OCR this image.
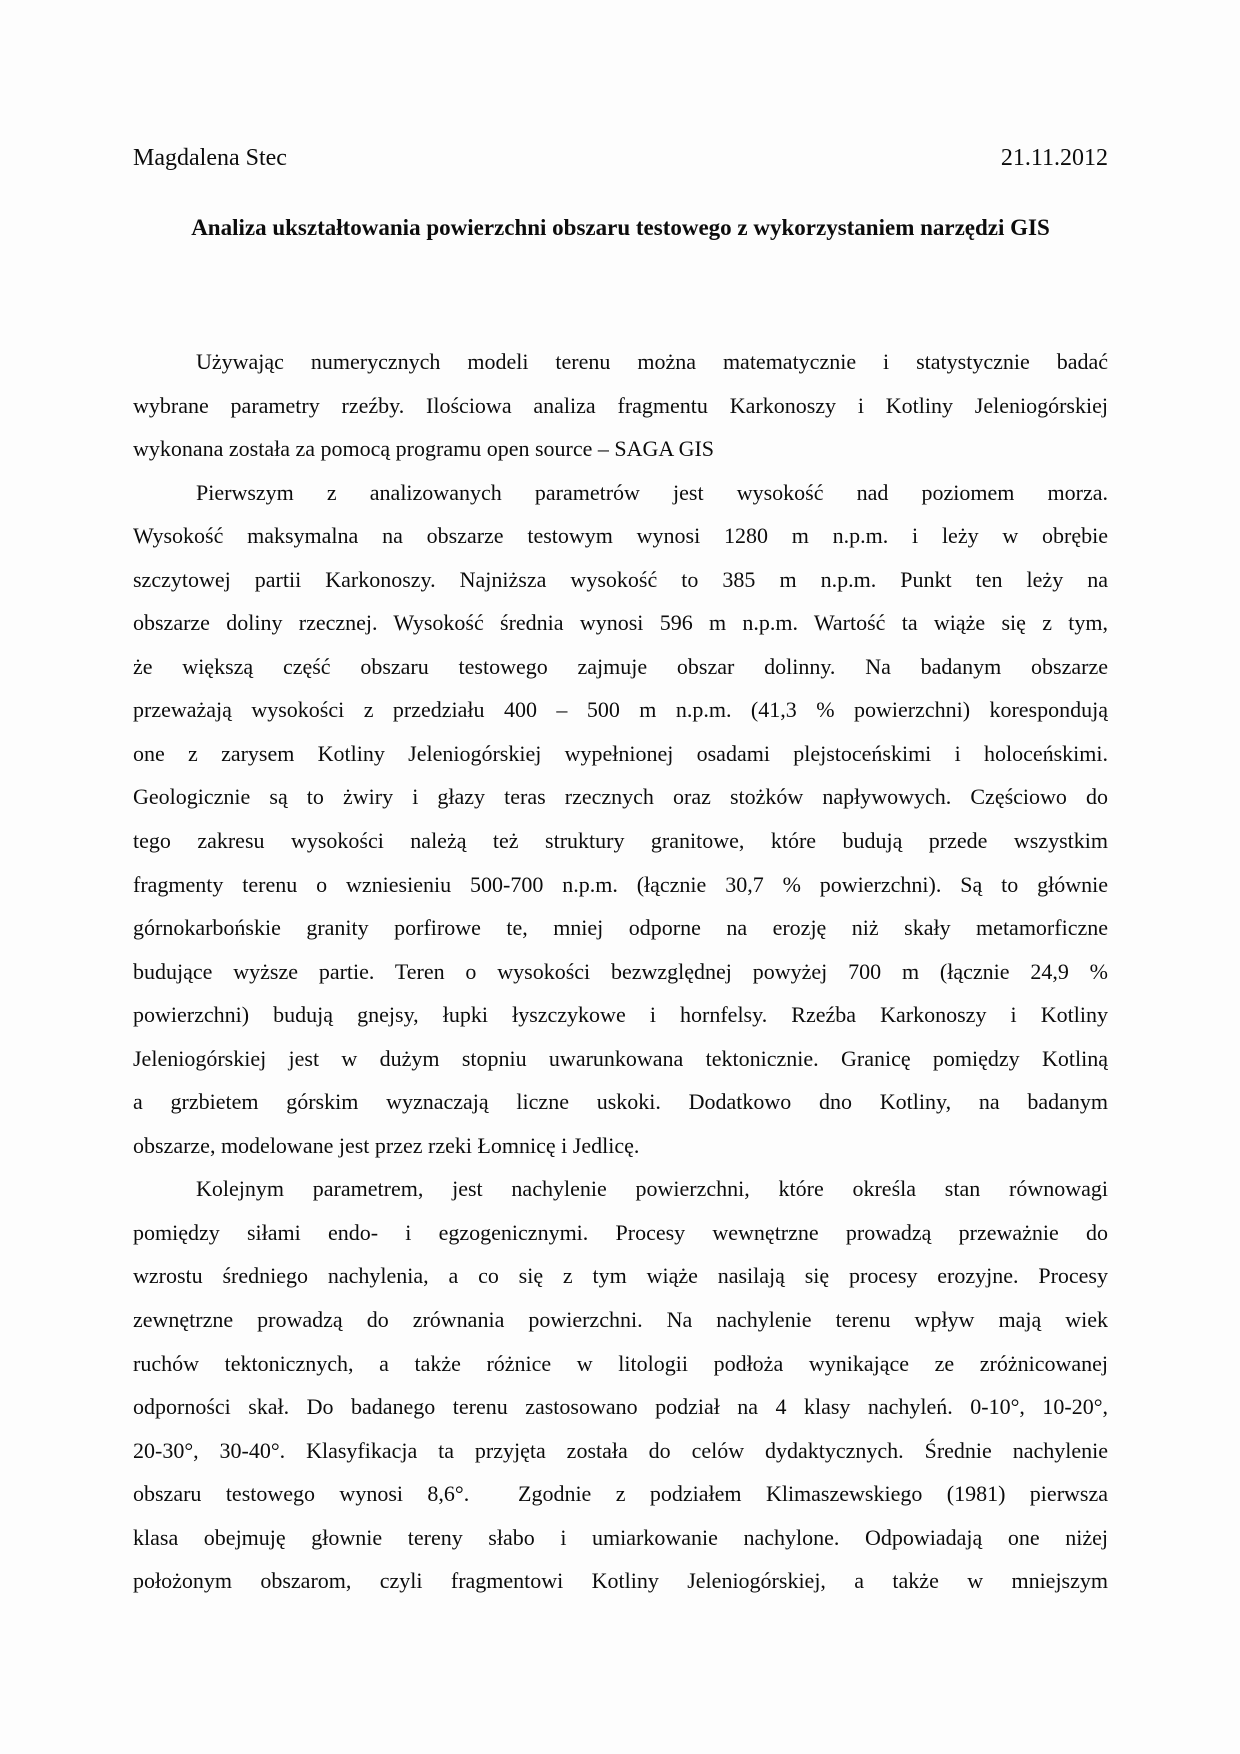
Magdalena Stec	21.11.2012
Analiza ukształtowania powierzchni obszaru testowego z wykorzystaniem narzędzi GIS
Używając numerycznych modeli terenu można matematycznie i statystycznie badać
wybrane parametry rzeźby. Ilościowa analiza fragmentu Karkonoszy i Kotliny Jeleniogórskiej
wykonana została za pomocą programu open source – SAGA GIS
Pierwszym z analizowanych parametrów jest wysokość nad poziomem morza.
Wysokość maksymalna na obszarze testowym wynosi 1280 m n.p.m. i leży w obrębie
szczytowej partii Karkonoszy. Najniższa wysokość to 385 m n.p.m. Punkt ten leży na
obszarze doliny rzecznej. Wysokość średnia wynosi 596 m n.p.m. Wartość ta wiąże się z tym,
że większą część obszaru testowego zajmuje obszar dolinny. Na badanym obszarze
przeważają wysokości z przedziału 400 – 500 m n.p.m. (41,3 % powierzchni) korespondują
one z zarysem Kotliny Jeleniogórskiej wypełnionej osadami plejstoceńskimi i holoceńskimi.
Geologicznie są to żwiry i głazy teras rzecznych oraz stożków napływowych. Częściowo do
tego zakresu wysokości należą też struktury granitowe, które budują przede wszystkim
fragmenty terenu o wzniesieniu 500-700 n.p.m. (łącznie 30,7 % powierzchni). Są to głównie
górnokarbońskie granity porfirowe te, mniej odporne na erozję niż skały metamorficzne
budujące wyższe partie. Teren o wysokości bezwzględnej powyżej 700 m (łącznie 24,9 %
powierzchni) budują gnejsy, łupki łyszczykowe i hornfelsy. Rzeźba Karkonoszy i Kotliny
Jeleniogórskiej jest w dużym stopniu uwarunkowana tektonicznie. Granicę pomiędzy Kotliną
a grzbietem górskim wyznaczają liczne uskoki. Dodatkowo dno Kotliny, na badanym
obszarze, modelowane jest przez rzeki Łomnicę i Jedlicę.
Kolejnym parametrem, jest nachylenie powierzchni, które określa stan równowagi
pomiędzy siłami endo- i egzogenicznymi. Procesy wewnętrzne prowadzą przeważnie do
wzrostu średniego nachylenia, a co się z tym wiąże nasilają się procesy erozyjne. Procesy
zewnętrzne prowadzą do zrównania powierzchni. Na nachylenie terenu wpływ mają wiek
ruchów tektonicznych, a także różnice w litologii podłoża wynikające ze zróżnicowanej
odporności skał. Do badanego terenu zastosowano podział na 4 klasy nachyleń. 0-10°, 10-20°,
20-30°, 30-40°. Klasyfikacja ta przyjęta została do celów dydaktycznych. Średnie nachylenie
obszaru testowego wynosi 8,6°.  Zgodnie z podziałem Klimaszewskiego (1981) pierwsza
klasa obejmuję głownie tereny słabo i umiarkowanie nachylone. Odpowiadają one niżej
położonym obszarom, czyli fragmentowi Kotliny Jeleniogórskiej, a także w mniejszym
